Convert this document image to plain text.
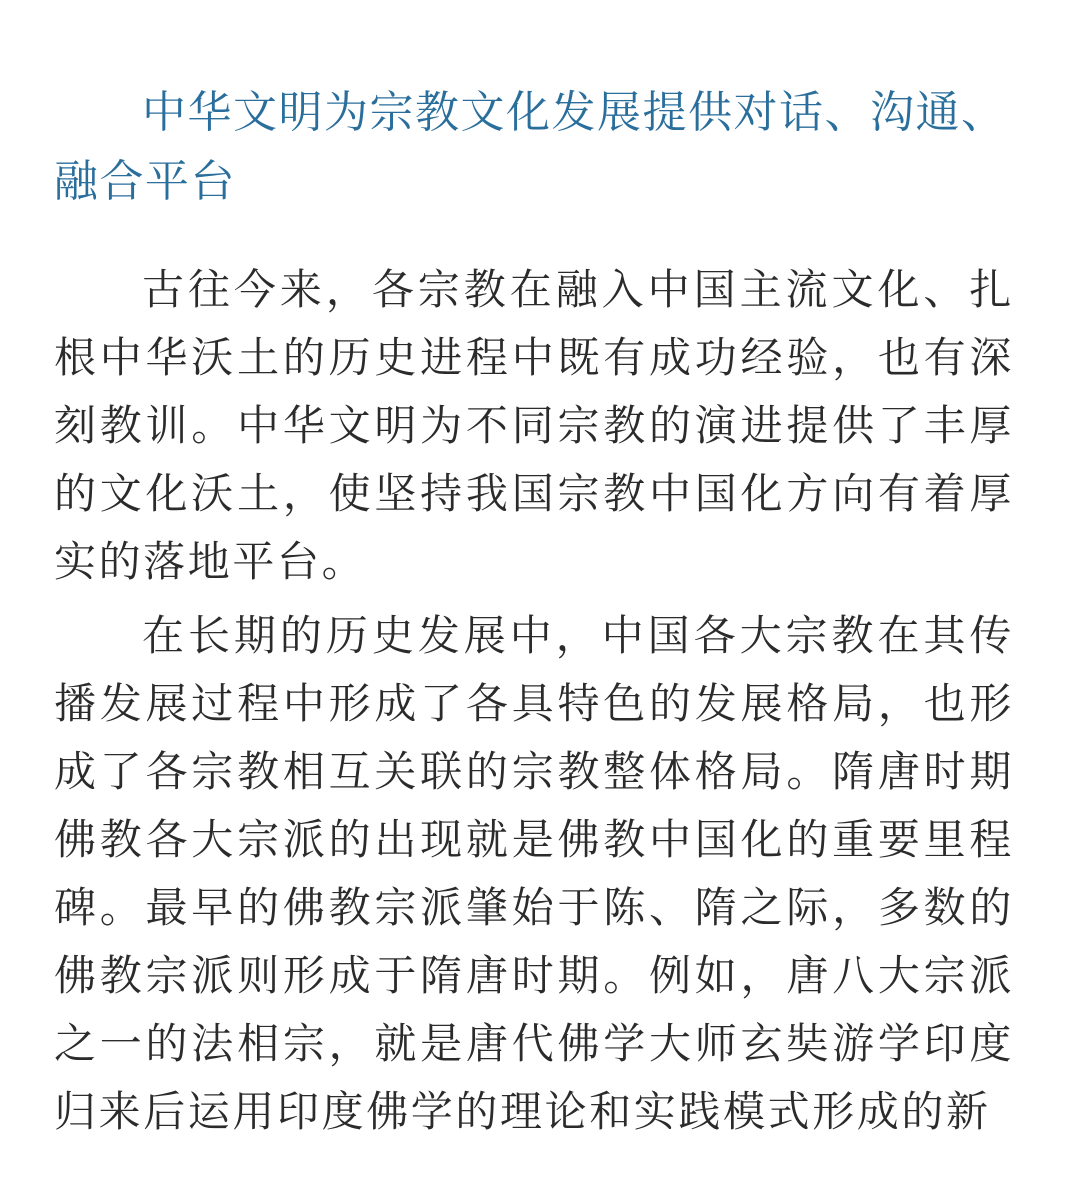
中华文明为宗教文化发展提供对话、沟通、融合平台
古往今来，各宗教在融入中国主流文化、扎根中华沃土的历史进程中既有成功经验，也有深刻教训。中华文明为不同宗教的演进提供了丰厚的文化沃土，使坚持我国宗教中国化方向有着厚实的落地平台。
在长期的历史发展中，中国各大宗教在其传播发展过程中形成了各具特色的发展格局，也形成了各宗教相互关联的宗教整体格局。隋唐时期佛教各大宗派的出现就是佛教中国化的重要里程碑。最早的佛教宗派肇始于陈、隋之际，多数的佛教宗派则形成于隋唐时期。例如，唐八大宗派之一的法相宗，就是唐代佛学大师玄奘游学印度归来后运用印度佛学的理论和实践模式形成的新
